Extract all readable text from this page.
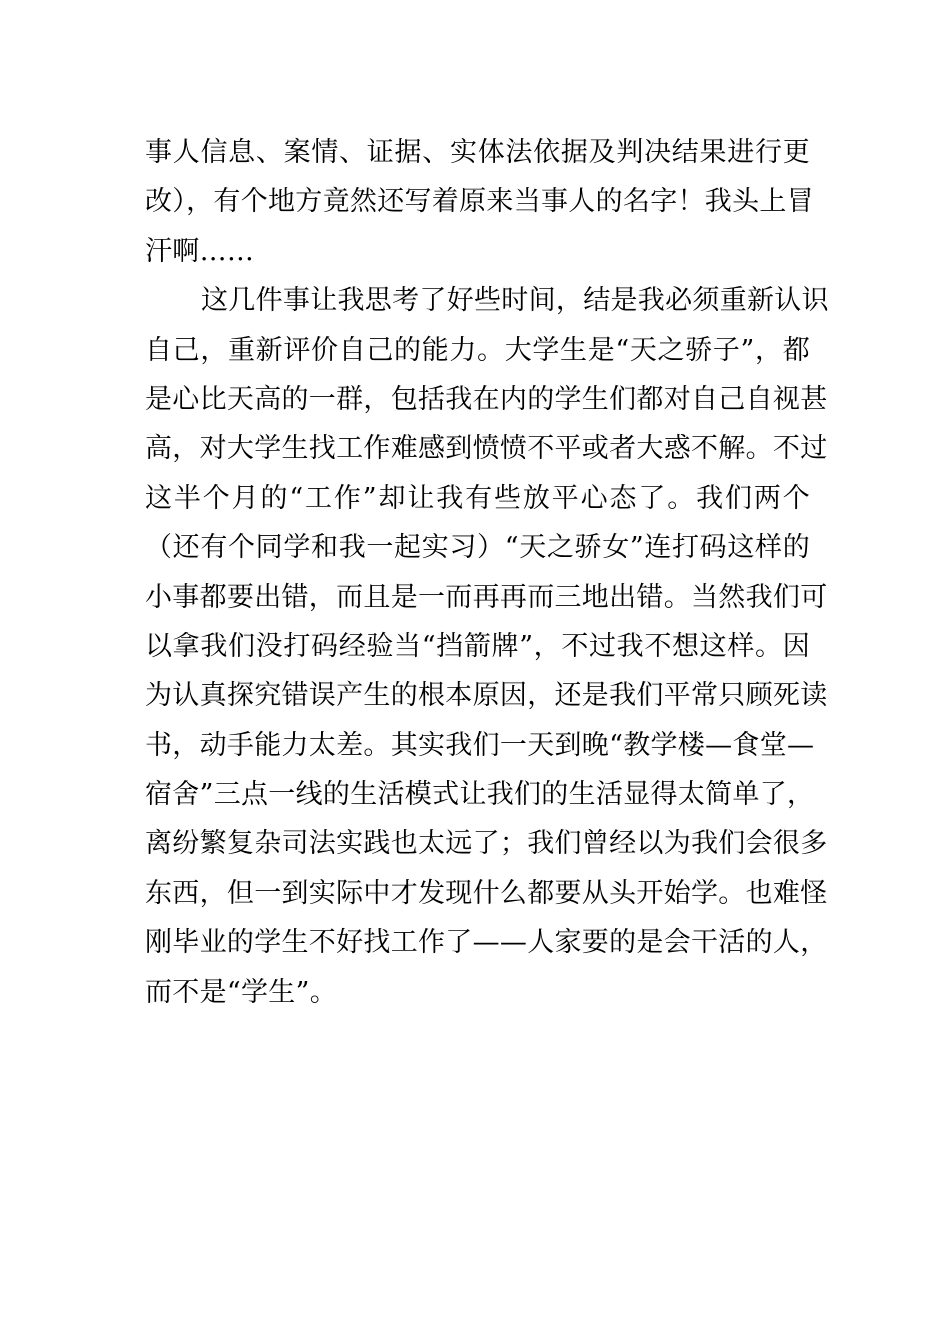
事人信息、案情、证据、实体法依据及判决结果进行更
改），有个地方竟然还写着原来当事人的名字！我头上冒
汗啊……
这几件事让我思考了好些时间，结是我必须重新认识
自己，重新评价自己的能力。大学生是“天之骄子”，都
是心比天高的一群，包括我在内的学生们都对自己自视甚
高，对大学生找工作难感到愤愤不平或者大惑不解。不过
这半个月的“工作”却让我有些放平心态了。我们两个
（还有个同学和我一起实习）“天之骄女”连打码这样的
小事都要出错，而且是一而再再而三地出错。当然我们可
以拿我们没打码经验当“挡箭牌”，不过我不想这样。因
为认真探究错误产生的根本原因，还是我们平常只顾死读
书，动手能力太差。其实我们一天到晚“教学楼—食堂—
宿舍”三点一线的生活模式让我们的生活显得太简单了，
离纷繁复杂司法实践也太远了；我们曾经以为我们会很多
东西，但一到实际中才发现什么都要从头开始学。也难怪
刚毕业的学生不好找工作了——人家要的是会干活的人，
而不是“学生”。
